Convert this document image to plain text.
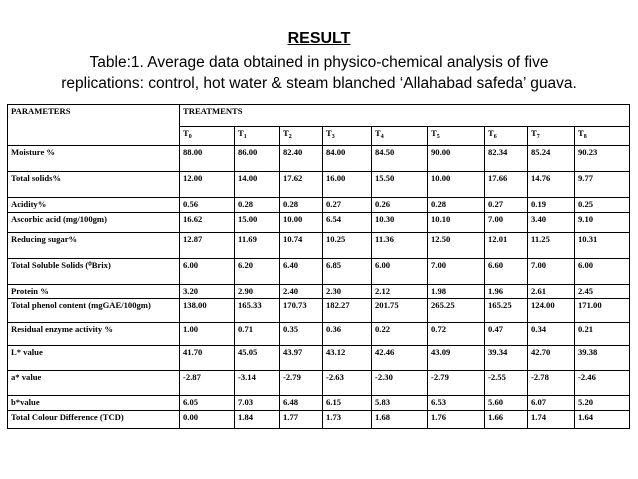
RESULT
Table:1. Average data obtained in physico-chemical analysis of five
replications: control, hot water & steam blanched ‘Allahabad safeda’ guava.
PARAMETERS	TREATMENTS								
	$T_0$	$T_1$	$T_2$	$T_3$	$T_4$	$T_5$	$T_6$	$T_7$	$T_8$
Moisture %	88.00	86.00	82.40	84.00	84.50	90.00	82.34	85.24	90.23
Total solids%	12.00	14.00	17.62	16.00	15.50	10.00	17.66	14.76	9.77
Acidity%	0.56	0.28	0.28	0.27	0.26	0.28	0.27	0.19	0.25
Ascorbic acid (mg/100gm)	16.62	15.00	10.00	6.54	10.30	10.10	7.00	3.40	9.10
Reducing sugar%	12.87	11.69	10.74	10.25	11.36	12.50	12.01	11.25	10.31
Total Soluble Solids (⁰Brix)	6.00	6.20	6.40	6.85	6.00	7.00	6.60	7.00	6.00
Protein %	3.20	2.90	2.40	2.30	2.12	1.98	1.96	2.61	2.45
Total phenol content (mgGAE/100gm)	138.00	165.33	170.73	182.27	201.75	265.25	165.25	124.00	171.00
Residual enzyme activity %	1.00	0.71	0.35	0.36	0.22	0.72	0.47	0.34	0.21
L* value	41.70	45.05	43.97	43.12	42.46	43.09	39.34	42.70	39.38
a* value	-2.87	-3.14	-2.79	-2.63	-2.30	-2.79	-2.55	-2.78	-2.46
b*value	6.05	7.03	6.48	6.15	5.83	6.53	5.60	6.07	5.20
Total Colour Difference (TCD)	0.00	1.84	1.77	1.73	1.68	1.76	1.66	1.74	1.64
